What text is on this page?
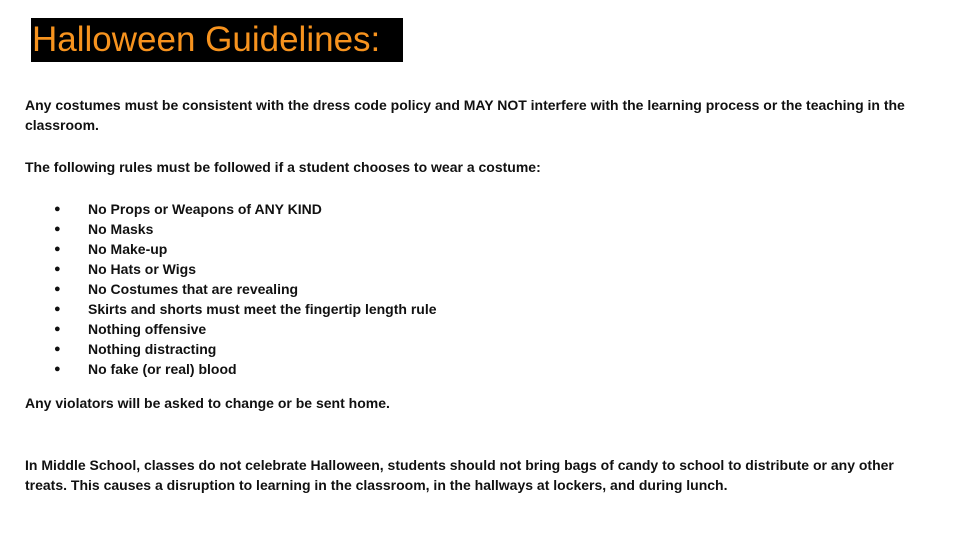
Halloween Guidelines:
Any costumes must be consistent with the dress code policy and MAY NOT interfere with the learning process or the teaching in the classroom.
The following rules must be followed if a student chooses to wear a costume:
● No Props or Weapons of ANY KIND
● No Masks
● No Make-up
● No Hats or Wigs
● No Costumes that are revealing
● Skirts and shorts must meet the fingertip length rule
● Nothing offensive
● Nothing distracting
● No fake (or real) blood
Any violators will be asked to change or be sent home.
In Middle School, classes do not celebrate Halloween, students should not bring bags of candy to school to distribute or any other treats. This causes a disruption to learning in the classroom, in the hallways at lockers, and during lunch.
